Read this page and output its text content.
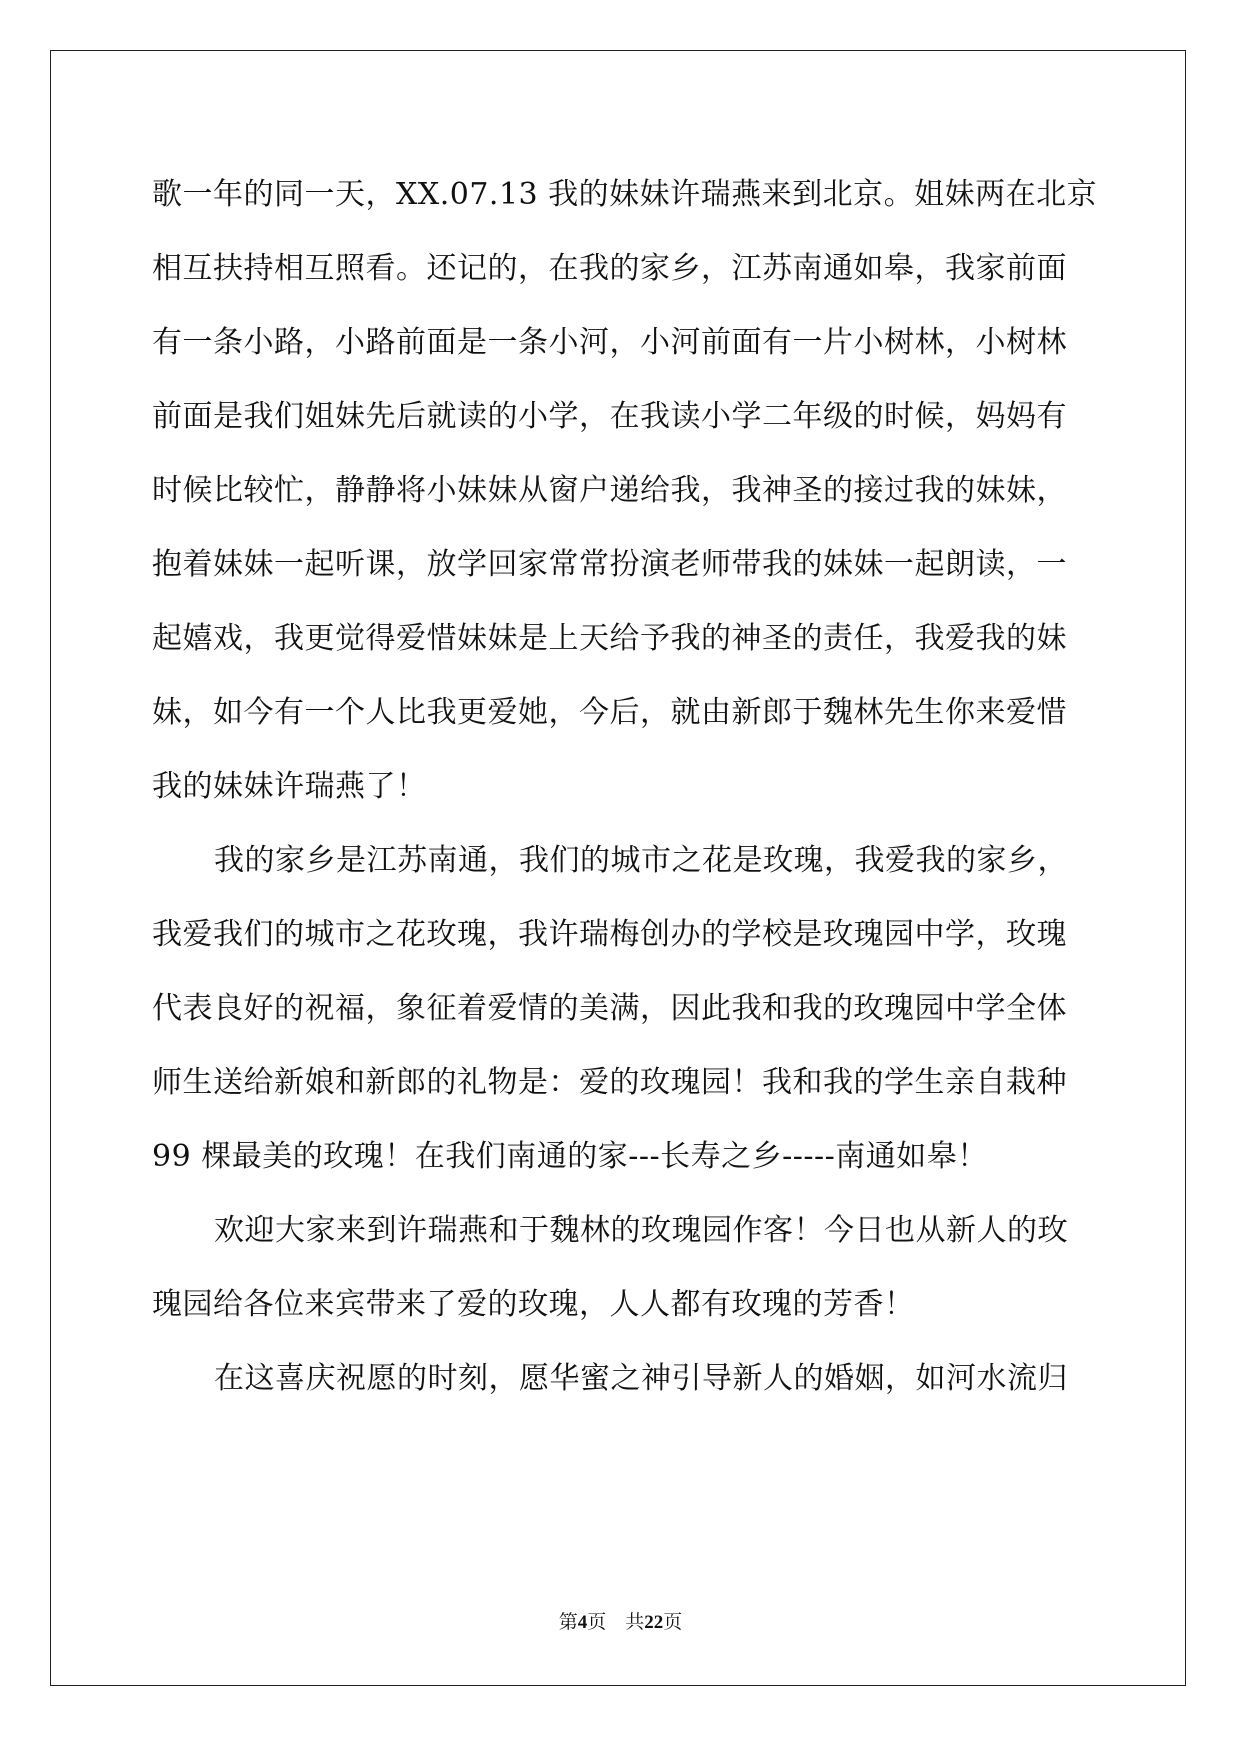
歌一年的同一天，XX.07.13 我的妹妹许瑞燕来到北京。姐妹两在北京
相互扶持相互照看。还记的，在我的家乡，江苏南通如皋，我家前面
有一条小路，小路前面是一条小河，小河前面有一片小树林，小树林
前面是我们姐妹先后就读的小学，在我读小学二年级的时候，妈妈有
时候比较忙，静静将小妹妹从窗户递给我，我神圣的接过我的妹妹，
抱着妹妹一起听课，放学回家常常扮演老师带我的妹妹一起朗读，一
起嬉戏，我更觉得爱惜妹妹是上天给予我的神圣的责任，我爱我的妹
妹，如今有一个人比我更爱她，今后，就由新郎于魏林先生你来爱惜
我的妹妹许瑞燕了！
我的家乡是江苏南通，我们的城市之花是玫瑰，我爱我的家乡，
我爱我们的城市之花玫瑰，我许瑞梅创办的学校是玫瑰园中学，玫瑰
代表良好的祝福，象征着爱情的美满，因此我和我的玫瑰园中学全体
师生送给新娘和新郎的礼物是：爱的玫瑰园！我和我的学生亲自栽种
99 棵最美的玫瑰！在我们南通的家---长寿之乡-----南通如皋！
欢迎大家来到许瑞燕和于魏林的玫瑰园作客！今日也从新人的玫
瑰园给各位来宾带来了爱的玫瑰，人人都有玫瑰的芳香！
在这喜庆祝愿的时刻，愿华蜜之神引导新人的婚姻，如河水流归
第4页 共22页
